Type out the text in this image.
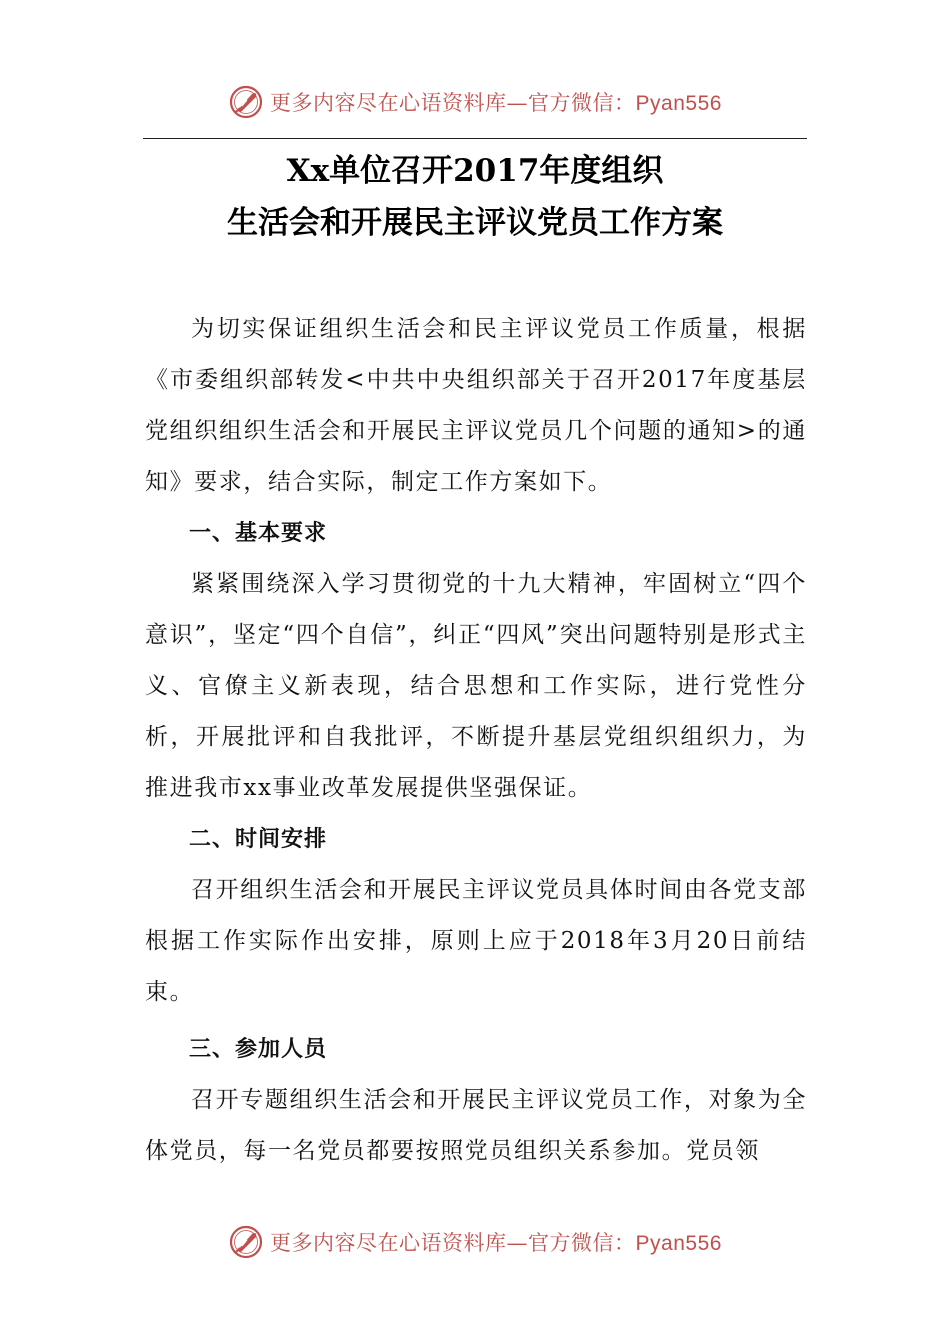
更多内容尽在心语资料库—官方微信：Pyan556
Xx单位召开2017年度组织
生活会和开展民主评议党员工作方案

为切实保证组织生活会和民主评议党员工作质量，根据《市委组织部转发<中共中央组织部关于召开2017年度基层党组织组织生活会和开展民主评议党员几个问题的通知>的通知》要求，结合实际，制定工作方案如下。

一、基本要求

紧紧围绕深入学习贯彻党的十九大精神，牢固树立“四个意识”，坚定“四个自信”，纠正“四风”突出问题特别是形式主义、官僚主义新表现，结合思想和工作实际，进行党性分析，开展批评和自我批评，不断提升基层党组织组织力，为推进我市xx事业改革发展提供坚强保证。

二、时间安排

召开组织生活会和开展民主评议党员具体时间由各党支部根据工作实际作出安排，原则上应于2018年3月20日前结束。

三、参加人员

召开专题组织生活会和开展民主评议党员工作，对象为全体党员，每一名党员都要按照党员组织关系参加。党员领

更多内容尽在心语资料库—官方微信：Pyan556
